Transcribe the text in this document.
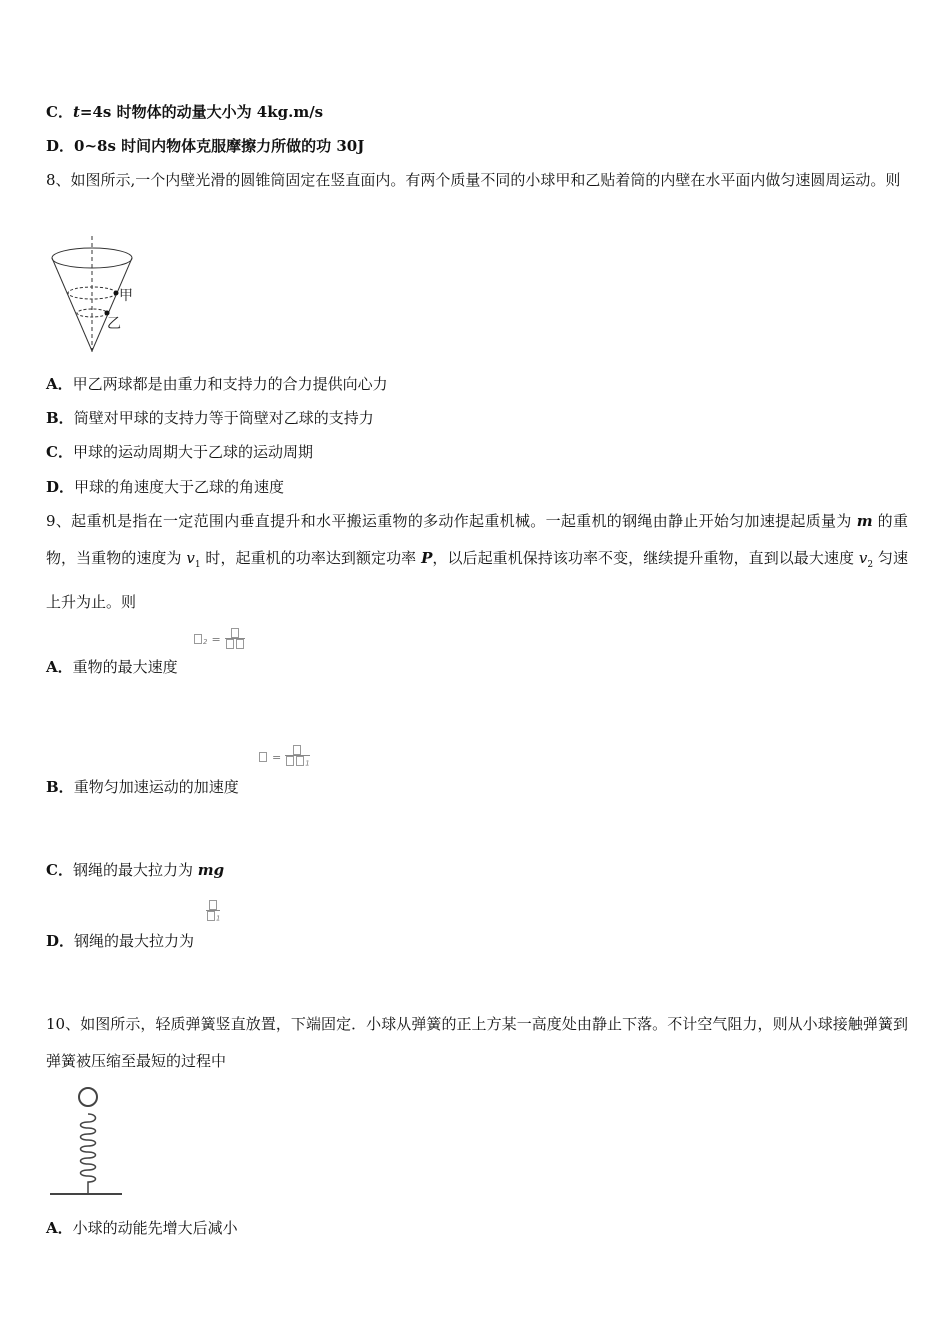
C．t=4s 时物体的动量大小为 4kg.m/s
D．0~8s 时间内物体克服摩擦力所做的功 30J
8、如图所示,一个内壁光滑的圆锥筒固定在竖直面内。有两个质量不同的小球甲和乙贴着筒的内壁在水平面内做匀速圆周运动。则
甲
乙
A．甲乙两球都是由重力和支持力的合力提供向心力
B．筒壁对甲球的支持力等于筒壁对乙球的支持力
C．甲球的运动周期大于乙球的运动周期
D．甲球的角速度大于乙球的角速度
9、起重机是指在一定范围内垂直提升和水平搬运重物的多动作起重机械。一起重机的钢绳由静止开始匀加速提起质量为 m 的重物，当重物的速度为 $v_1$ 时，起重机的功率达到额定功率 P，以后起重机保持该功率不变，继续提升重物，直到以最大速度 $v_2$ 匀速上升为止。则
$_2$ =
A．重物的最大速度
=	$_1$
B．重物匀加速运动的加速度
C．钢绳的最大拉力为 mg
$_1$
D．钢绳的最大拉力为
10、如图所示，轻质弹簧竖直放置，下端固定．小球从弹簧的正上方某一高度处由静止下落。不计空气阻力，则从小球接触弹簧到弹簧被压缩至最短的过程中
A．小球的动能先增大后减小
